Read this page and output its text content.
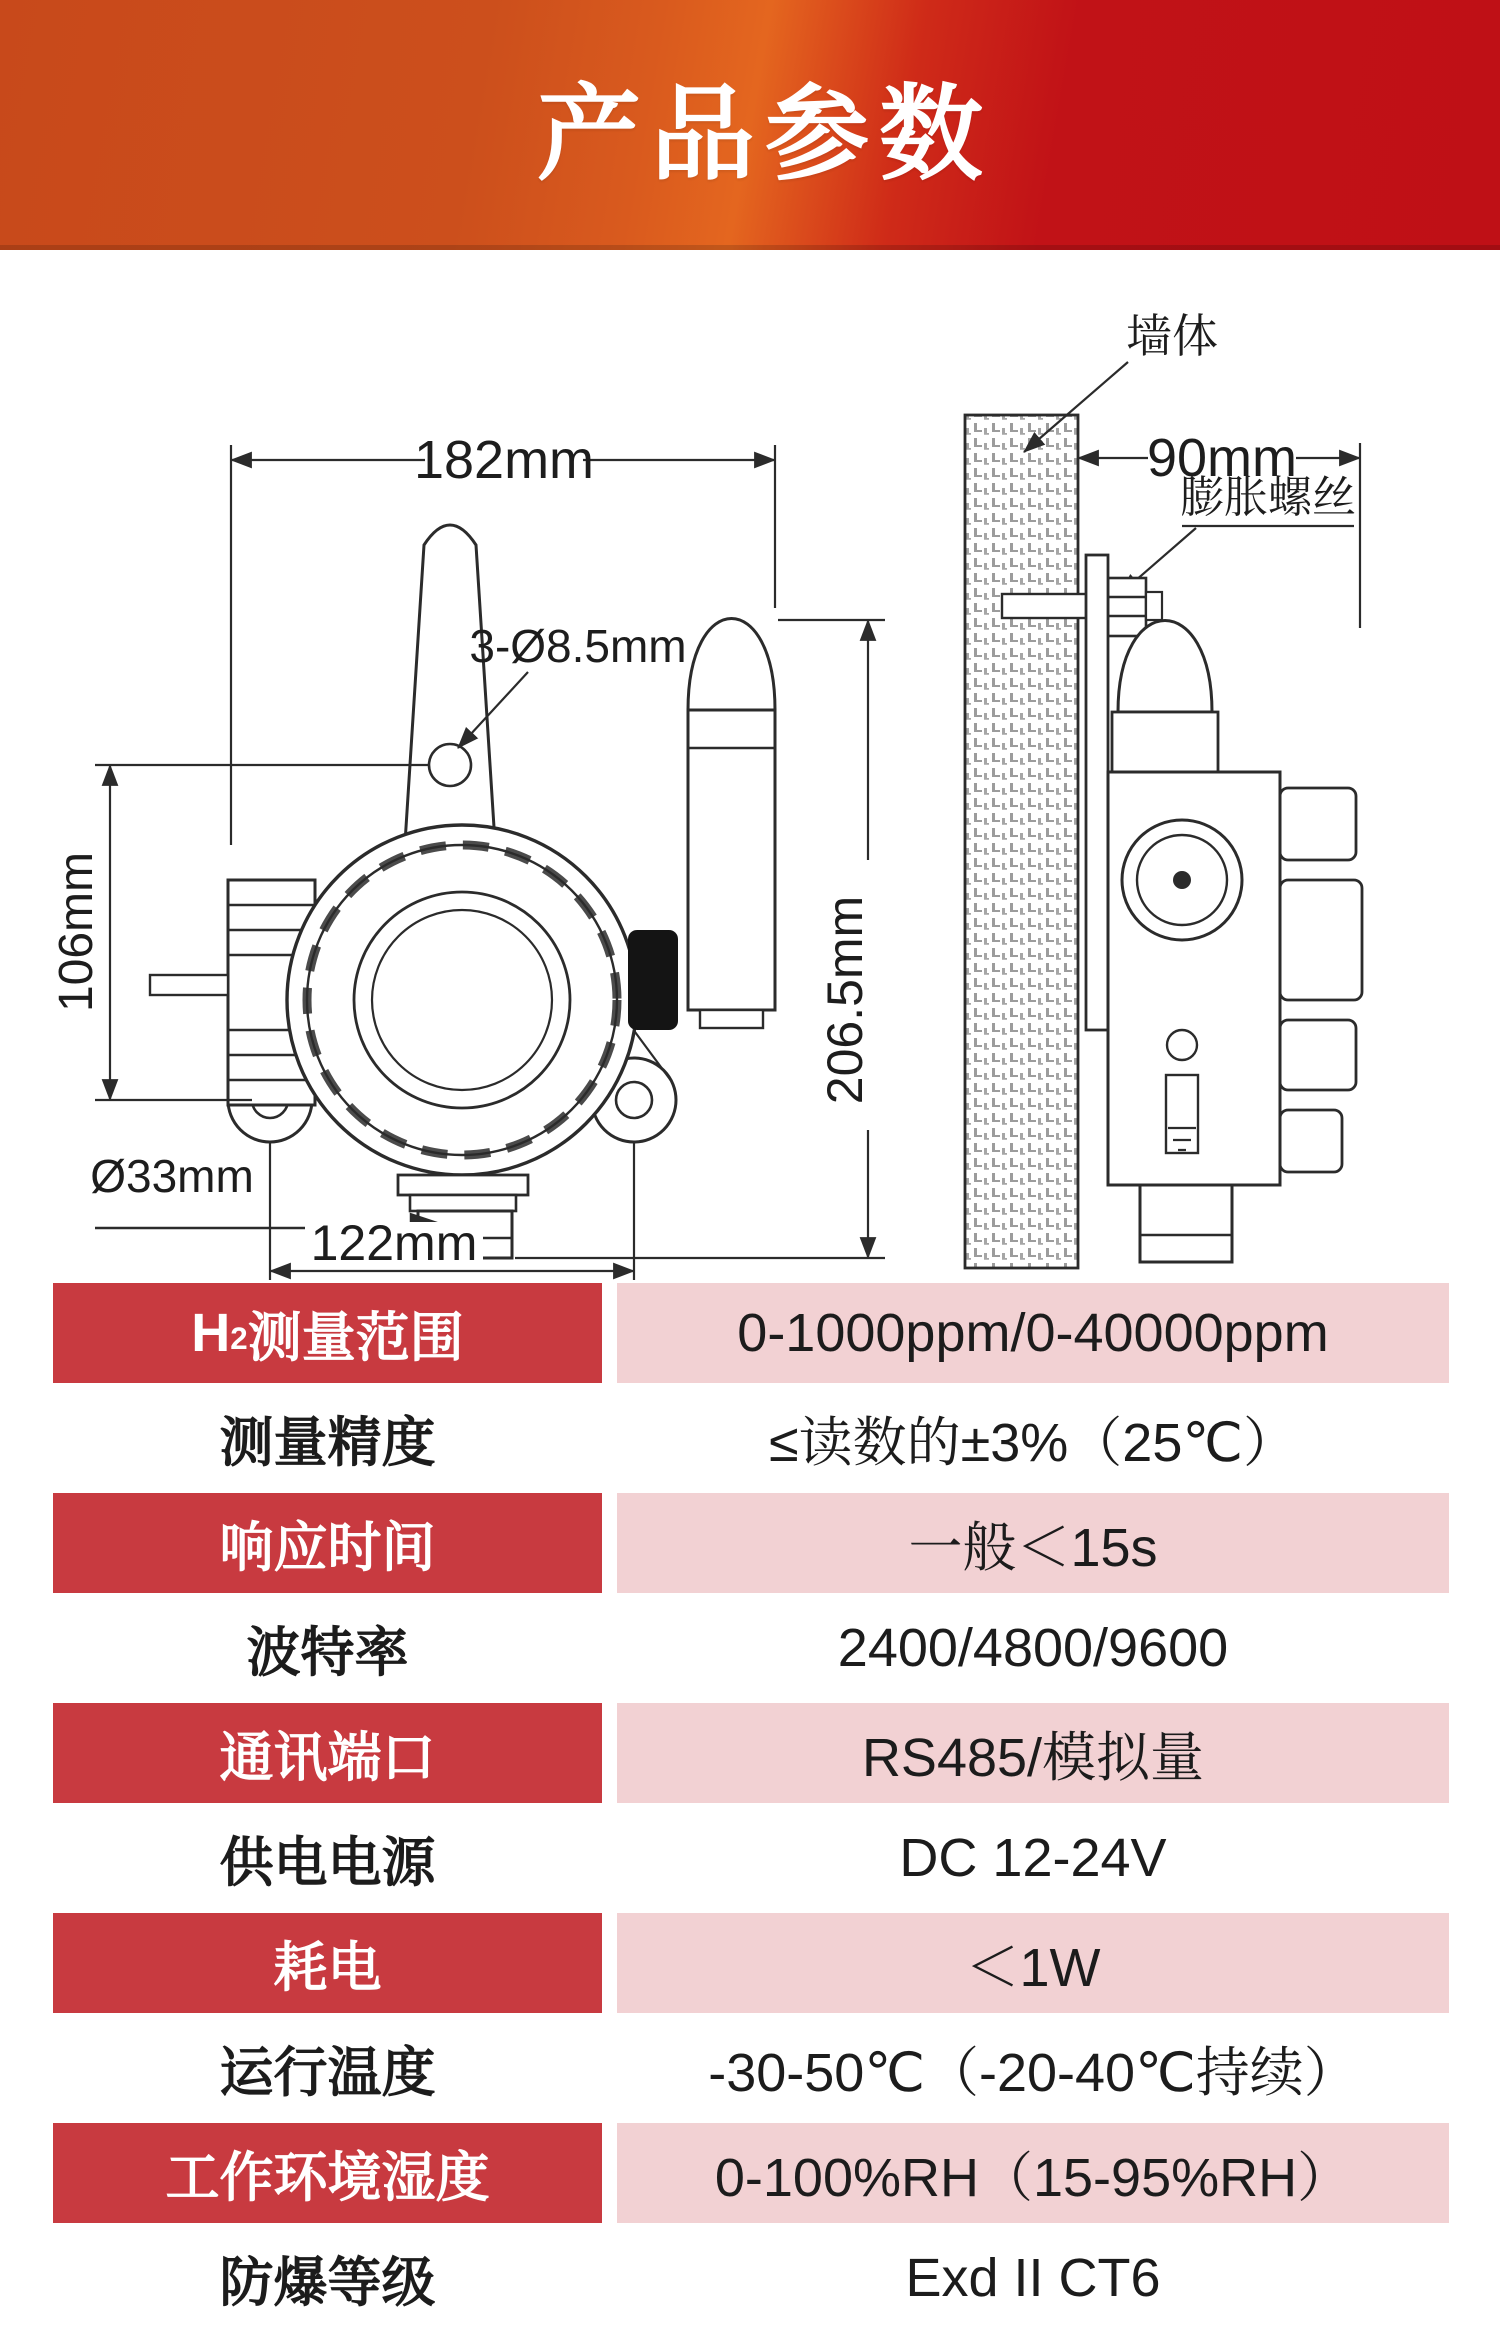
产品参数
182mm
3-Ø8.5mm
106mm	206.5mm
Ø33mm
122mm
墙体
90mm
膨胀螺丝
$H_2$ 测量范围	0-1000ppm/0-40000ppm
测量精度	≤读数的±3%（25℃）
响应时间	一般＜15s
波特率	2400/4800/9600
通讯端口	RS485/模拟量
供电电源	DC 12-24V
耗电	＜1W
运行温度	-30-50℃（-20-40℃持续）
工作环境湿度	0-100%RH（15-95%RH）
防爆等级	Exd II CT6
